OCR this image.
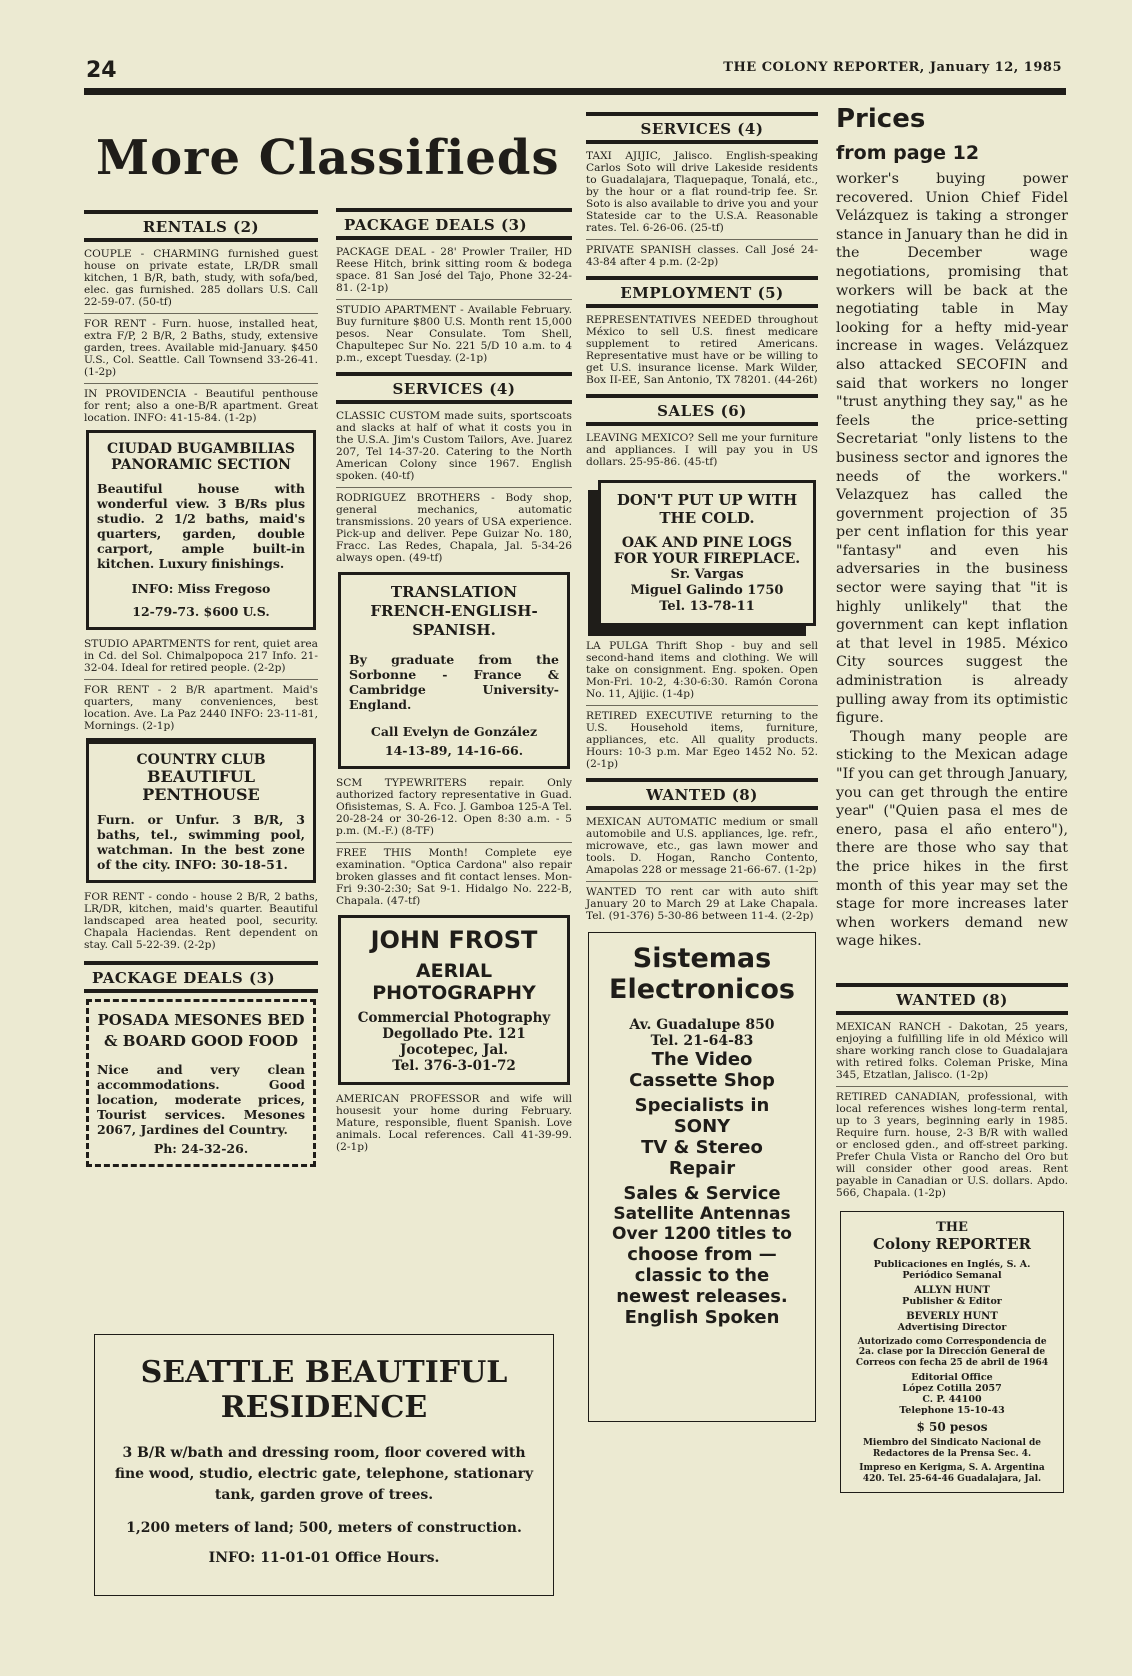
24	THE COLONY REPORTER, January 12, 1985
More Classifieds
RENTALS (2)

COUPLE - CHARMING furnished guest house on private estate, LR/DR small kitchen, 1 B/R, bath, study, with sofa/bed, elec. gas furnished. 285 dollars U.S. Call 22-59-07. (50-tf)

FOR RENT - Furn. huose, installed heat, extra F/P, 2 B/R, 2 Baths, study, extensive garden, trees. Available mid-January. $450 U.S., Col. Seattle. Call Townsend 33-26-41. (1-2p)

IN PROVIDENCIA - Beautiful penthouse for rent; also a one-B/R apartment. Great location. INFO: 41-15-84. (1-2p)

CIUDAD BUGAMBILIAS PANORAMIC SECTION
Beautiful house with wonderful view. 3 B/Rs plus studio. 2 1/2 baths, maid's quarters, garden, double carport, ample built-in kitchen. Luxury finishings.
INFO: Miss Fregoso
12-79-73. $600 U.S.

STUDIO APARTMENTS for rent, quiet area in Cd. del Sol. Chimalpopoca 217 Info. 21-32-04. Ideal for retired people. (2-2p)

FOR RENT - 2 B/R apartment. Maid's quarters, many conveniences, best location. Ave. La Paz 2440 INFO: 23-11-81, Mornings. (2-1p)

COUNTRY CLUB
BEAUTIFUL PENTHOUSE
Furn. or Unfur. 3 B/R, 3 baths, tel., swimming pool, watchman. In the best zone of the city. INFO: 30-18-51.

FOR RENT - condo - house 2 B/R, 2 baths, LR/DR, kitchen, maid's quarter. Beautiful landscaped area heated pool, security. Chapala Haciendas. Rent dependent on stay. Call 5-22-39. (2-2p)

PACKAGE DEALS (3)
POSADA MESONES BED & BOARD GOOD FOOD
Nice and very clean accommodations. Good location, moderate prices, Tourist services. Mesones 2067, Jardines del Country.
Ph: 24-32-26.
PACKAGE DEALS (3)

PACKAGE DEAL - 28' Prowler Trailer, HD Reese Hitch, brink sitting room & bodega space. 81 San José del Tajo, Phone 32-24-81. (2-1p)

STUDIO APARTMENT - Available February. Buy furniture $800 U.S. Month rent 15,000 pesos. Near Consulate. Tom Shell, Chapultepec Sur No. 221 5/D 10 a.m. to 4 p.m., except Tuesday. (2-1p)

SERVICES (4)

CLASSIC CUSTOM made suits, sportscoats and slacks at half of what it costs you in the U.S.A. Jim's Custom Tailors, Ave. Juarez 207, Tel 14-37-20. Catering to the North American Colony since 1967. English spoken. (40-tf)

RODRIGUEZ BROTHERS - Body shop, general mechanics, automatic transmissions. 20 years of USA experience. Pick-up and deliver. Pepe Guizar No. 180, Fracc. Las Redes, Chapala, Jal. 5-34-26 always open. (49-tf)

TRANSLATION FRENCH-ENGLISH-SPANISH.
By graduate from the Sorbonne - France & Cambridge University-England.
Call Evelyn de González
14-13-89, 14-16-66.

SCM TYPEWRITERS repair. Only authorized factory representative in Guad. Ofisistemas, S. A. Fco. J. Gamboa 125-A Tel. 20-28-24 or 30-26-12. Open 8:30 a.m. - 5 p.m. (M.-F.) (8-TF)

FREE THIS Month! Complete eye examination. "Optica Cardona" also repair broken glasses and fit contact lenses. Mon-Fri 9:30-2:30; Sat 9-1. Hidalgo No. 222-B, Chapala. (47-tf)

JOHN FROST
AERIAL
PHOTOGRAPHY
Commercial Photography
Degollado Pte. 121
Jocotepec, Jal.
Tel. 376-3-01-72

AMERICAN PROFESSOR and wife will housesit your home during February. Mature, responsible, fluent Spanish. Love animals. Local references. Call 41-39-99. (2-1p)

SEATTLE BEAUTIFUL
RESIDENCE
3 B/R w/bath and dressing room, floor covered with fine wood, studio, electric gate, telephone, stationary tank, garden grove of trees.
1,200 meters of land; 500, meters of construction.
INFO: 11-01-01 Office Hours.
SERVICES (4)

TAXI AJIJIC, Jalisco. English-speaking Carlos Soto will drive Lakeside residents to Guadalajara, Tlaquepaque, Tonalá, etc., by the hour or a flat round-trip fee. Sr. Soto is also available to drive you and your Stateside car to the U.S.A. Reasonable rates. Tel. 6-26-06. (25-tf)

PRIVATE SPANISH classes. Call José 24-43-84 after 4 p.m. (2-2p)

EMPLOYMENT (5)

REPRESENTATIVES NEEDED throughout México to sell U.S. finest medicare supplement to retired Americans. Representative must have or be willing to get U.S. insurance license. Mark Wilder, Box II-EE, San Antonio, TX 78201. (44-26t)

SALES (6)

LEAVING MEXICO? Sell me your furniture and appliances. I will pay you in US dollars. 25-95-86. (45-tf)

DON'T PUT UP WITH THE COLD.
OAK AND PINE LOGS FOR YOUR FIREPLACE.
Sr. Vargas
Miguel Galindo 1750
Tel. 13-78-11

LA PULGA Thrift Shop - buy and sell second-hand items and clothing. We will take on consignment. Eng. spoken. Open Mon-Fri. 10-2, 4:30-6:30. Ramón Corona No. 11, Ajijic. (1-4p)

RETIRED EXECUTIVE returning to the U.S. Household items, furniture, appliances, etc. All quality products. Hours: 10-3 p.m. Mar Egeo 1452 No. 52. (2-1p)

WANTED (8)

MEXICAN AUTOMATIC medium or small automobile and U.S. appliances, lge. refr., microwave, etc., gas lawn mower and tools. D. Hogan, Rancho Contento, Amapolas 228 or message 21-66-67. (1-2p)

WANTED TO rent car with auto shift January 20 to March 29 at Lake Chapala. Tel. (91-376) 5-30-86 between 11-4. (2-2p)

Sistemas
Electronicos
Av. Guadalupe 850
Tel. 21-64-83
The Video
Cassette Shop
Specialists in
SONY
TV & Stereo
Repair
Sales & Service
Satellite Antennas
Over 1200 titles to
choose from —
classic to the
newest releases.
English Spoken
Prices
from page 12

worker's buying power recovered. Union Chief Fidel Velázquez is taking a stronger stance in January than he did in the December wage negotiations, promising that workers will be back at the negotiating table in May looking for a hefty mid-year increase in wages. Velázquez also attacked SECOFIN and said that workers no longer "trust anything they say," as he feels the price-setting Secretariat "only listens to the business sector and ignores the needs of the workers." Velazquez has called the government projection of 35 per cent inflation for this year "fantasy" and even his adversaries in the business sector were saying that "it is highly unlikely" that the government can kept inflation at that level in 1985. México City sources suggest the administration is already pulling away from its optimistic figure.

Though many people are sticking to the Mexican adage "If you can get through January, you can get through the entire year" ("Quien pasa el mes de enero, pasa el año entero"), there are those who say that the price hikes in the first month of this year may set the stage for more increases later when workers demand new wage hikes.

WANTED (8)

MEXICAN RANCH - Dakotan, 25 years, enjoying a fulfilling life in old México will share working ranch close to Guadalajara with retired folks. Coleman Priske, Mina 345, Etzatlan, Jalisco. (1-2p)

RETIRED CANADIAN, professional, with local references wishes long-term rental, up to 3 years, beginning early in 1985. Require furn. house, 2-3 B/R with walled or enclosed gden., and off-street parking. Prefer Chula Vista or Rancho del Oro but will consider other good areas. Rent payable in Canadian or U.S. dollars. Apdo. 566, Chapala. (1-2p)

THE
Colony REPORTER
Publicaciones en Inglés, S. A.
Periódico Semanal
ALLYN HUNT
Publisher & Editor
BEVERLY HUNT
Advertising Director
Autorizado como Correspondencia de 2a. clase por la Dirección General de Correos con fecha 25 de abril de 1964
Editorial Office
López Cotilla 2057
C. P. 44100
Telephone 15-10-43
$ 50 pesos
Miembro del Sindicato Nacional de Redactores de la Prensa Sec. 4.
Impreso en Kerigma, S. A. Argentina 420. Tel. 25-64-46 Guadalajara, Jal.
